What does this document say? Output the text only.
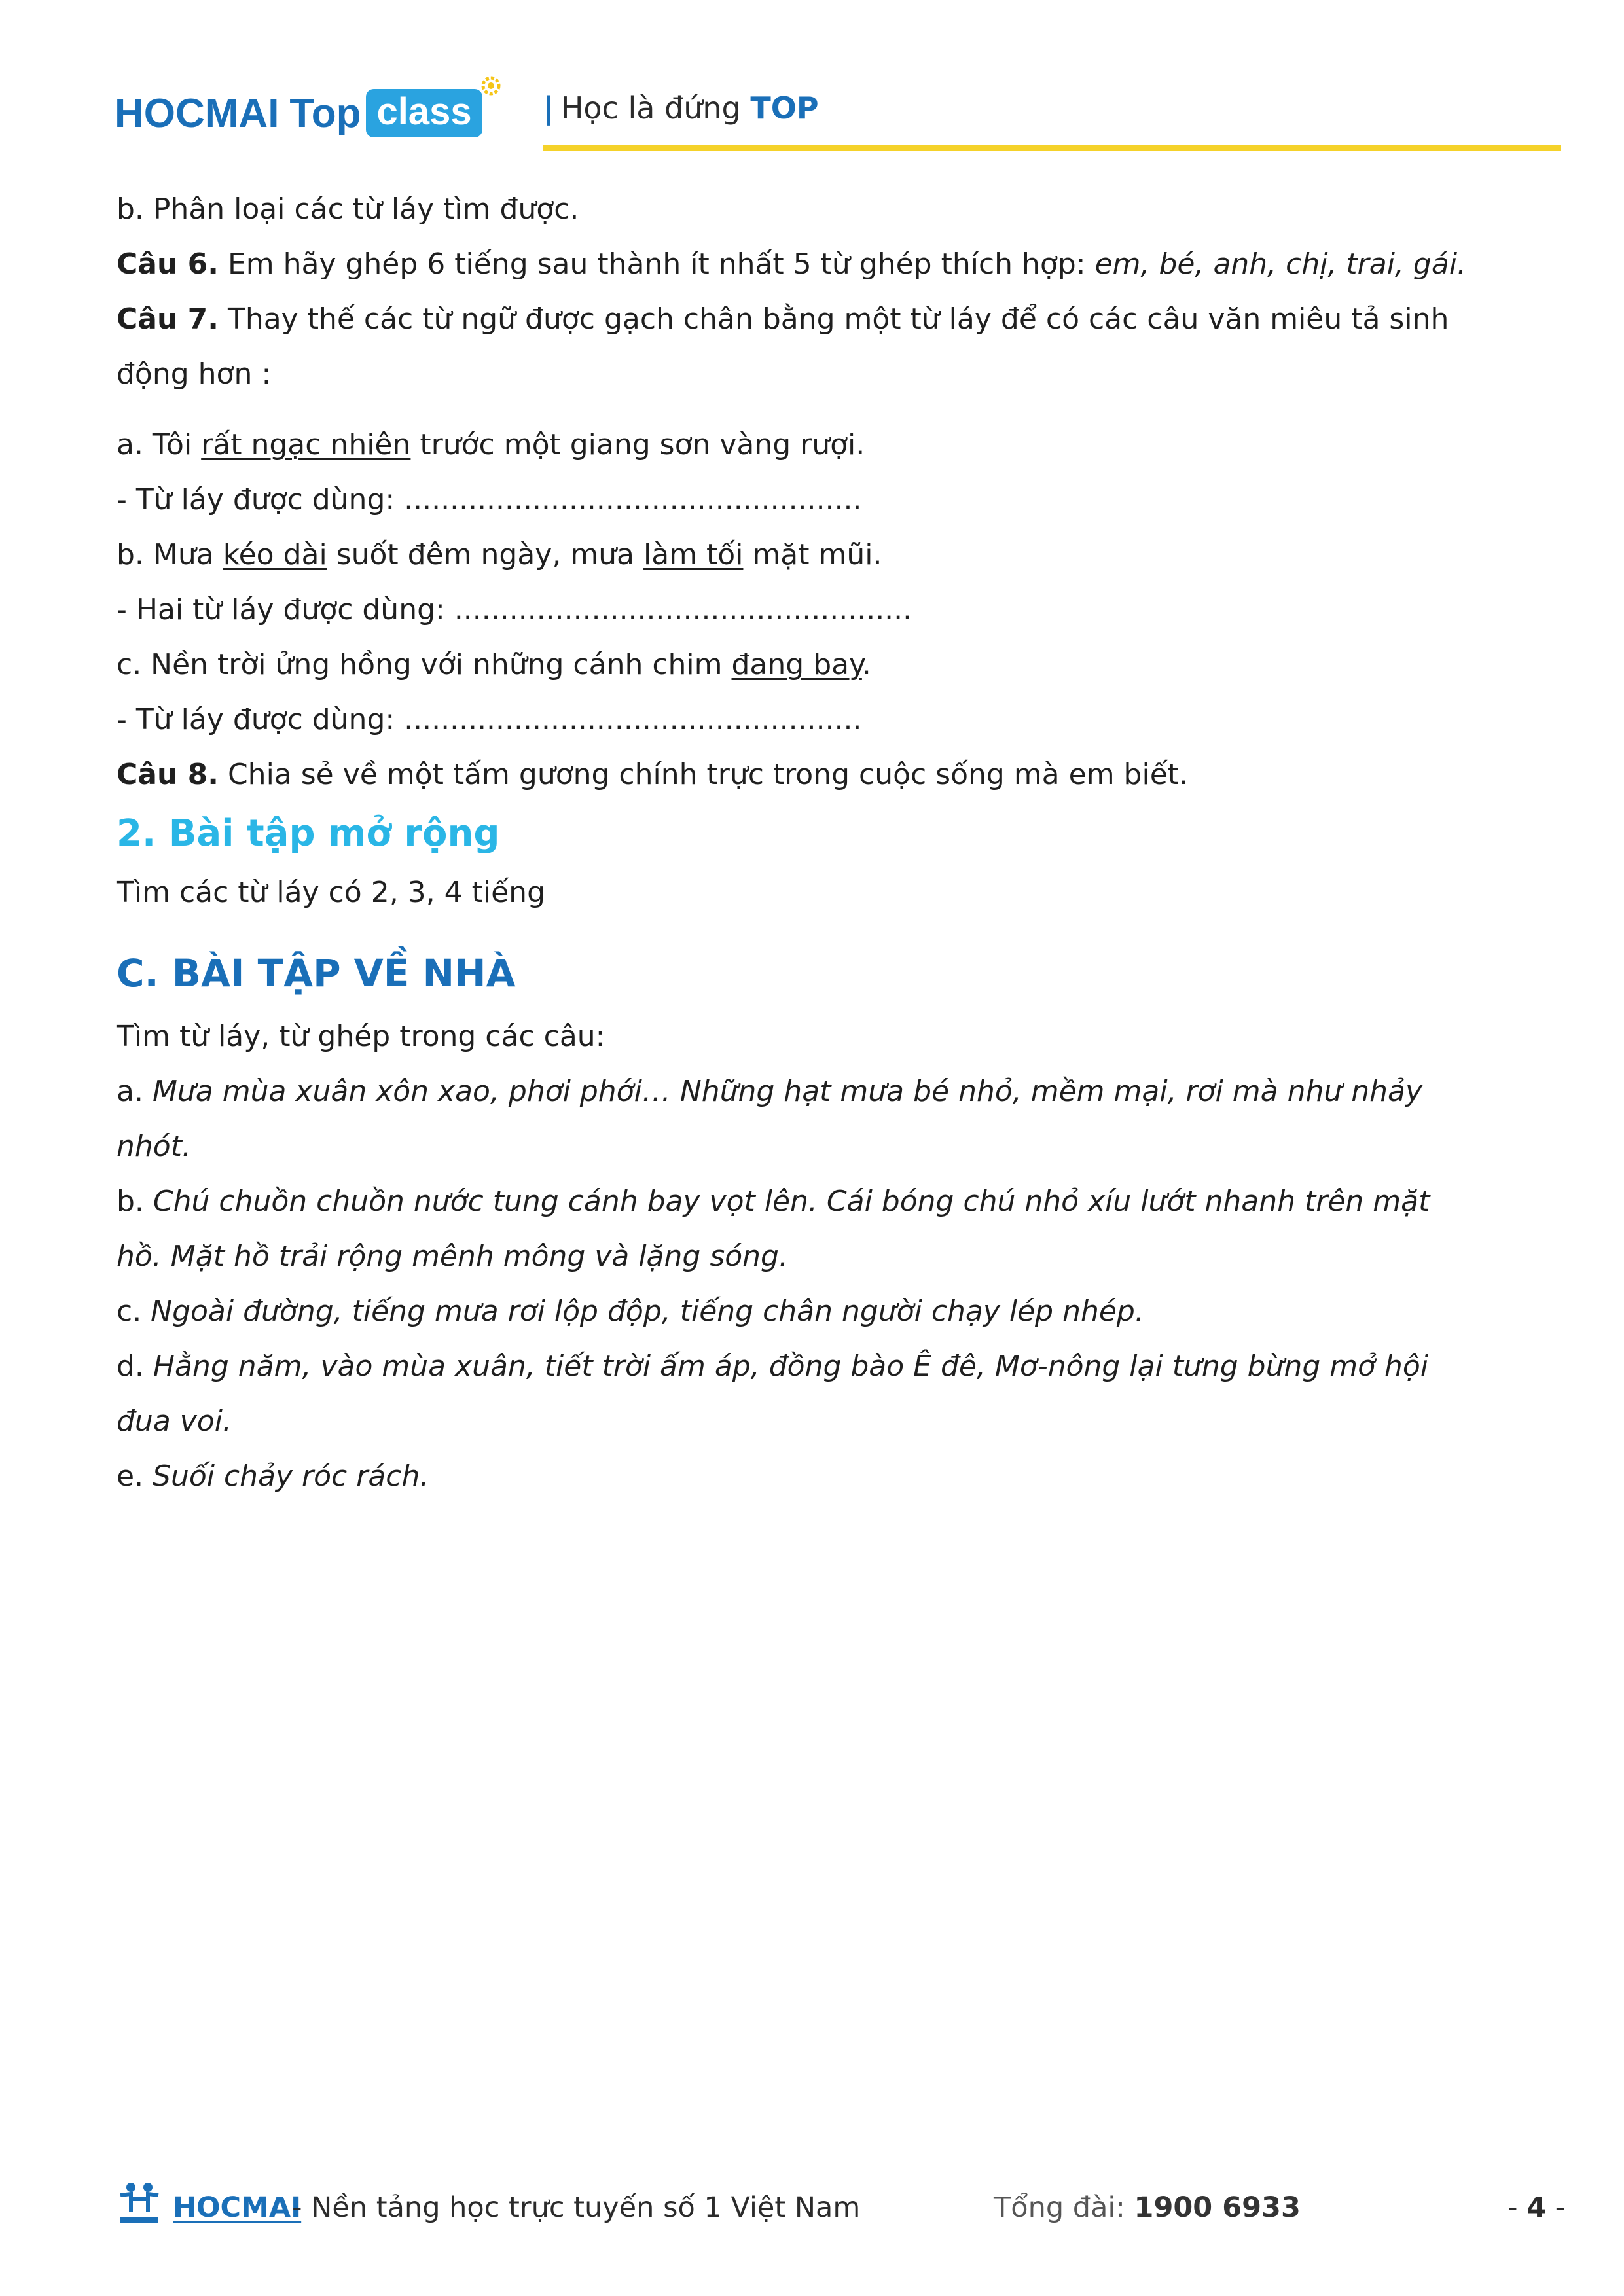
HOCMAI Top class	| Học là đứng TOP
b. Phân loại các từ láy tìm được.
Câu 6. Em hãy ghép 6 tiếng sau thành ít nhất 5 từ ghép thích hợp: em, bé, anh, chị, trai, gái.
Câu 7. Thay thế các từ ngữ được gạch chân bằng một từ láy để có các câu văn miêu tả sinh
động hơn :
a. Tôi rất ngạc nhiên trước một giang sơn vàng rượi.
- Từ láy được dùng: ..................................................
b. Mưa kéo dài suốt đêm ngày, mưa làm tối mặt mũi.
- Hai từ láy được dùng: ..................................................
c. Nền trời ửng hồng với những cánh chim đang bay.
- Từ láy được dùng: ..................................................
Câu 8. Chia sẻ về một tấm gương chính trực trong cuộc sống mà em biết.
2. Bài tập mở rộng
Tìm các từ láy có 2, 3, 4 tiếng
C. BÀI TẬP VỀ NHÀ
Tìm từ láy, từ ghép trong các câu:
a. Mưa mùa xuân xôn xao, phơi phới… Những hạt mưa bé nhỏ, mềm mại, rơi mà như nhảy
nhót.
b. Chú chuồn chuồn nước tung cánh bay vọt lên. Cái bóng chú nhỏ xíu lướt nhanh trên mặt
hồ. Mặt hồ trải rộng mênh mông và lặng sóng.
c. Ngoài đường, tiếng mưa rơi lộp độp, tiếng chân người chạy lép nhép.
d. Hằng năm, vào mùa xuân, tiết trời ấm áp, đồng bào Ê đê, Mơ-nông lại tưng bừng mở hội
đua voi.
e. Suối chảy róc rách.
HOCMAI
- Nền tảng học trực tuyến số 1 Việt Nam	Tổng đài: 1900 6933	- 4 -
